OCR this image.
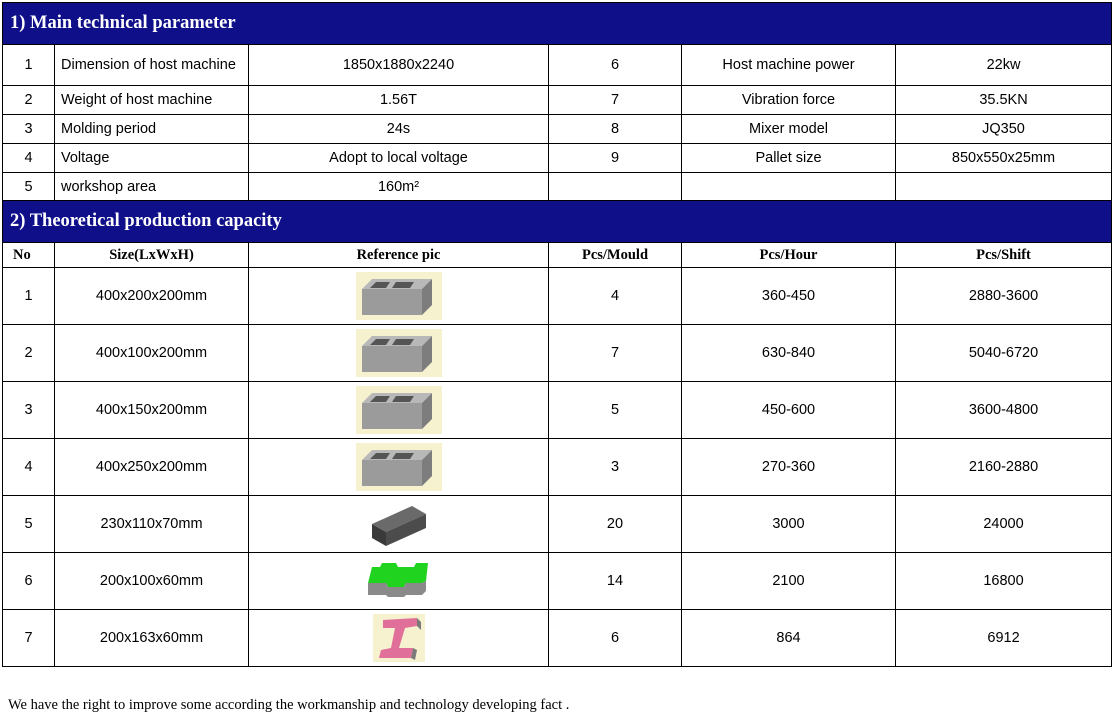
1) Main technical parameter					
1	Dimension of host machine	1850x1880x2240	6	Host machine power	22kw
2	Weight of host machine	1.56T	7	Vibration force	35.5KN
3	Molding period	24s	8	Mixer model	JQ350
4	Voltage	Adopt to local voltage	9	Pallet size	850x550x25mm
5	workshop area	160m²			
2) Theoretical production capacity					
No	Size(LxWxH)	Reference pic	Pcs/Mould	Pcs/Hour	Pcs/Shift
1	400x200x200mm		4	360-450	2880-3600
2	400x100x200mm		7	630-840	5040-6720
3	400x150x200mm		5	450-600	3600-4800
4	400x250x200mm		3	270-360	2160-2880
5	230x110x70mm		20	3000	24000
6	200x100x60mm		14	2100	16800
7	200x163x60mm		6	864	6912
We have the right to improve some according the workmanship and technology developing fact .
